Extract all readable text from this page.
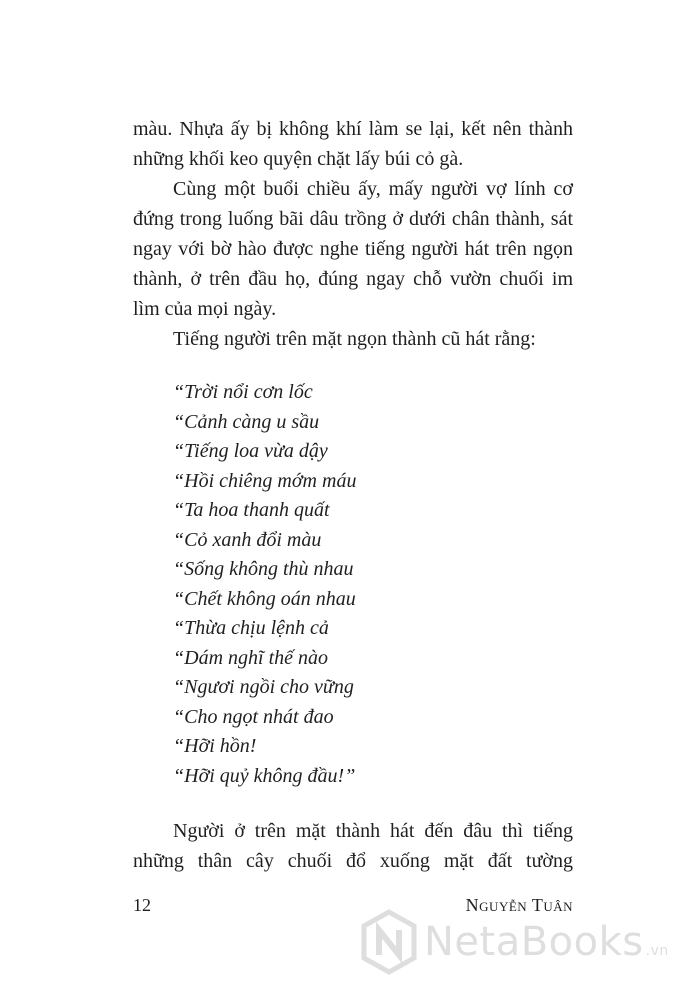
màu. Nhựa ấy bị không khí làm se lại, kết nên thành những khối keo quyện chặt lấy búi cỏ gà.

Cùng một buổi chiều ấy, mấy người vợ lính cơ đứng trong luống bãi dâu trồng ở dưới chân thành, sát ngay với bờ hào được nghe tiếng người hát trên ngọn thành, ở trên đầu họ, đúng ngay chỗ vườn chuối im lìm của mọi ngày.

Tiếng người trên mặt ngọn thành cũ hát rằng:

“Trời nổi cơn lốc
“Cảnh càng u sầu
“Tiếng loa vừa dậy
“Hồi chiêng mớm máu
“Ta hoa thanh quất
“Cỏ xanh đổi màu
“Sống không thù nhau
“Chết không oán nhau
“Thừa chịu lệnh cả
“Dám nghĩ thế nào
“Ngươi ngồi cho vững
“Cho ngọt nhát đao
“Hỡi hồn!
“Hỡi quỷ không đầu!”

Người ở trên mặt thành hát đến đâu thì tiếng những thân cây chuối đổ xuống mặt đất tường

12	Nguyễn Tuân
NetaBooks .vn
